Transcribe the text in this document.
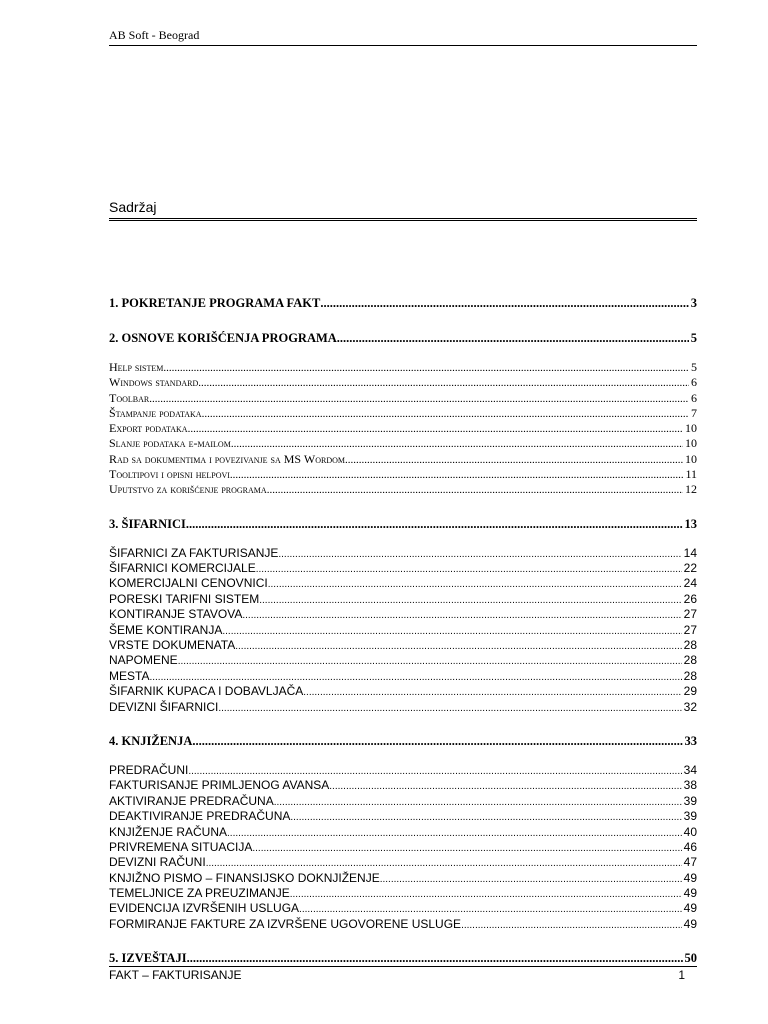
AB Soft - Beograd
Sadržaj
1. POKRETANJE PROGRAMA FAKT .....	3
2. OSNOVE KORIŠĆENJA PROGRAMA .....	5
Help sistem .....	5
Windows standard .....	6
Toolbar .....	6
Štampanje podataka .....	7
Export podataka .....	10
Slanje podataka e-mailom .....	10
Rad sa dokumentima i povezivanje sa MS Wordom .....	10
Tooltipovi i opisni helpovi .....	11
Uputstvo za korišćenje programa .....	12
3. ŠIFARNICI .....	13
ŠIFARNICI ZA FAKTURISANJE .....	14
ŠIFARNICI KOMERCIJALE .....	22
KOMERCIJALNI CENOVNICI .....	24
PORESKI TARIFNI SISTEM .....	26
KONTIRANJE STAVOVA .....	27
ŠEME KONTIRANJA .....	27
VRSTE DOKUMENATA .....	28
NAPOMENE .....	28
MESTA .....	28
ŠIFARNIK KUPACA I DOBAVLJAČA .....	29
DEVIZNI ŠIFARNICI .....	32
4. KNJIŽENJA .....	33
PREDRAČUNI .....	34
FAKTURISANJE PRIMLJENOG AVANSA .....	38
AKTIVIRANJE PREDRAČUNA .....	39
DEAKTIVIRANJE PREDRAČUNA .....	39
KNJIŽENJE RAČUNA .....	40
PRIVREMENA SITUACIJA .....	46
DEVIZNI RAČUNI .....	47
KNJIŽNO PISMO – FINANSIJSKO DOKNJIŽENJE .....	49
TEMELJNICE ZA PREUZIMANJE .....	49
EVIDENCIJA IZVRŠENIH USLUGA .....	49
FORMIRANJE FAKTURE ZA IZVRŠENE UGOVORENE USLUGE .....	49
5. IZVEŠTAJI .....	50
FAKT – FAKTURISANJE	1
